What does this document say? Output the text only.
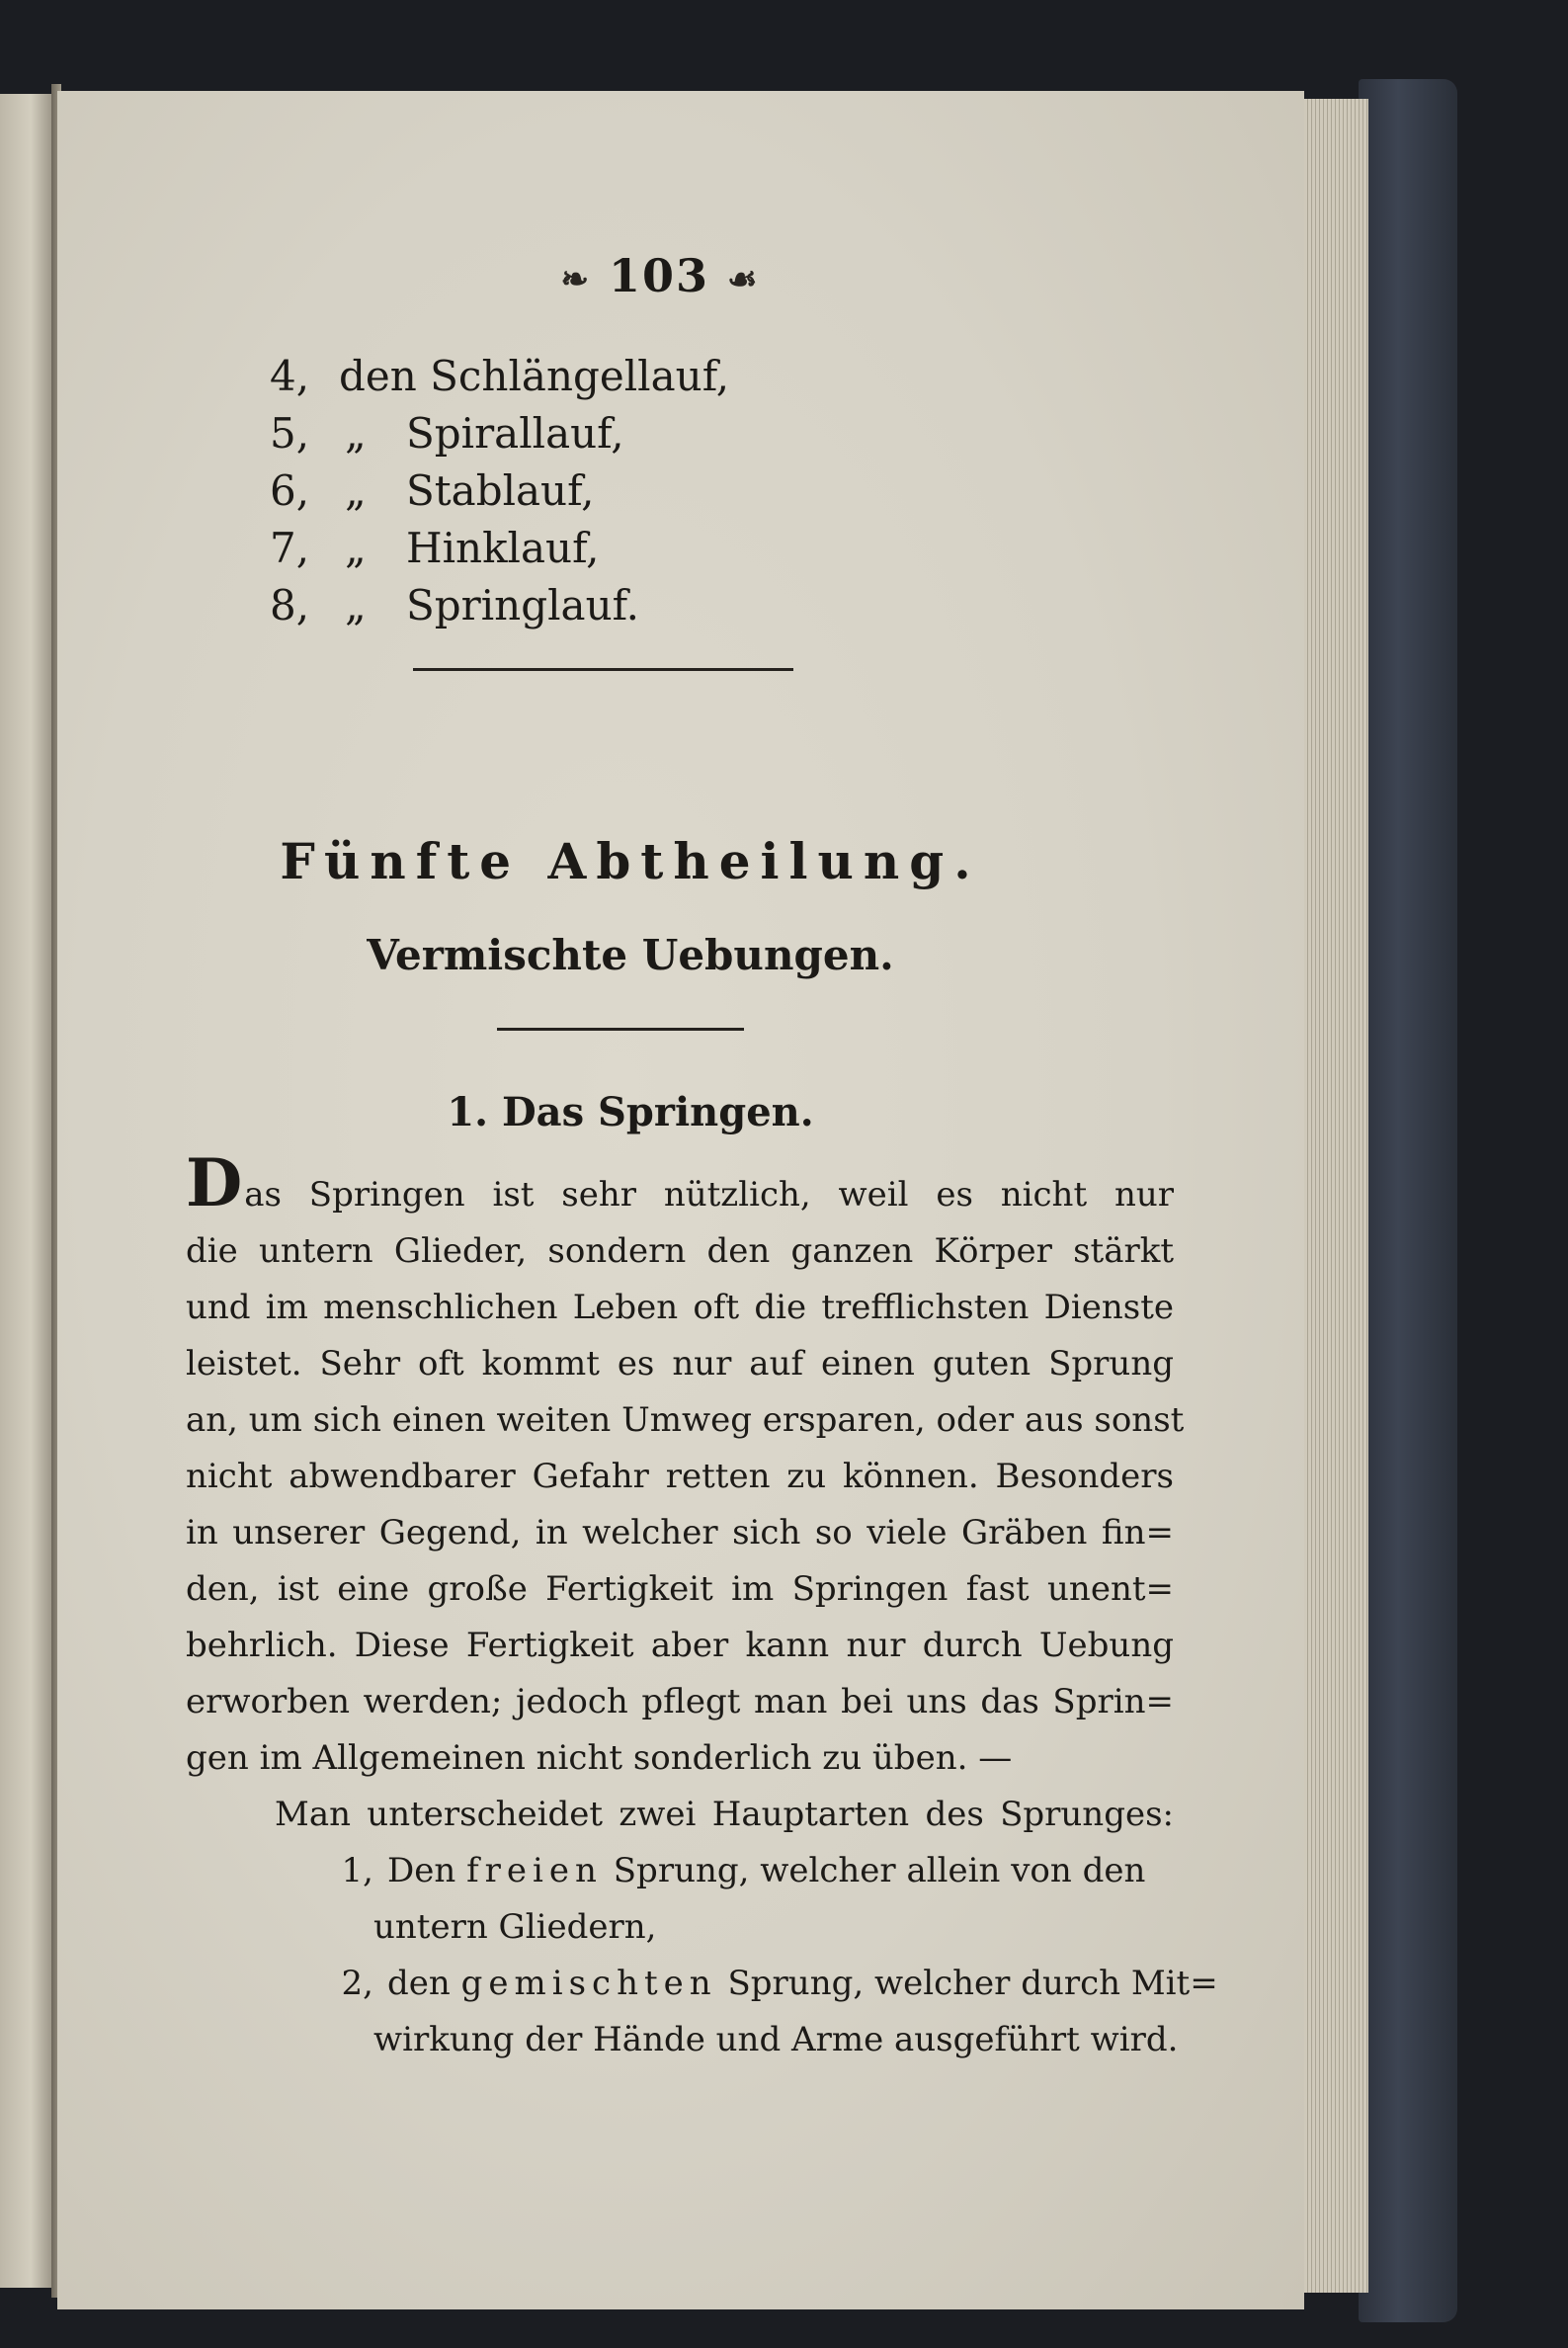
❧ 103 ☙
4, den Schlängellauf,
5, „ Spirallauf,
6, „ Stablauf,
7, „ Hinklauf,
8, „ Springlauf.
Fünfte Abtheilung.
Vermischte Uebungen.
1. Das Springen.
Das Springen ist sehr nützlich, weil es nicht nur
die untern Glieder, sondern den ganzen Körper stärkt
und im menschlichen Leben oft die trefflichsten Dienste
leistet. Sehr oft kommt es nur auf einen guten Sprung
an, um sich einen weiten Umweg ersparen, oder aus sonst
nicht abwendbarer Gefahr retten zu können. Besonders
in unserer Gegend, in welcher sich so viele Gräben fin=
den, ist eine große Fertigkeit im Springen fast unent=
behrlich. Diese Fertigkeit aber kann nur durch Uebung
erworben werden; jedoch pflegt man bei uns das Sprin=
gen im Allgemeinen nicht sonderlich zu üben. —
Man unterscheidet zwei Hauptarten des Sprunges:
1, Den freien Sprung, welcher allein von den
untern Gliedern,
2, den gemischten Sprung, welcher durch Mit=
wirkung der Hände und Arme ausgeführt wird.
